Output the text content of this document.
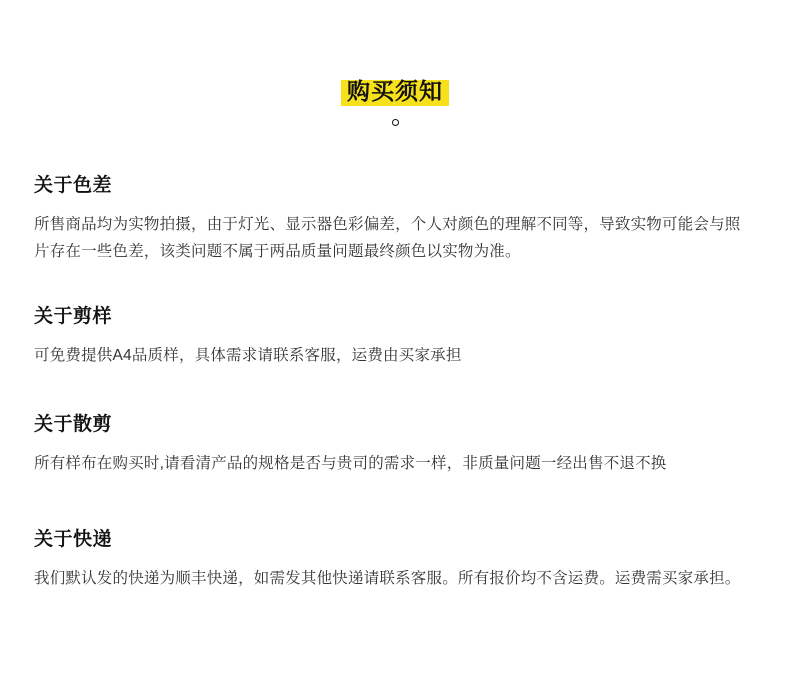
购买须知
关于色差

所售商品均为实物拍摄，由于灯光、显示器色彩偏差，个人对颜色的理解不同等，导致实物可能会与照片存在一些色差，该类问题不属于两品质量问题最终颜色以实物为准。

关于剪样

可免费提供A4品质样，具体需求请联系客服，运费由买家承担

关于散剪

所有样布在购买时,请看清产品的规格是否与贵司的需求一样，非质量问题一经出售不退不换

关于快递

我们默认发的快递为顺丰快递，如需发其他快递请联系客服。所有报价均不含运费。运费需买家承担。
